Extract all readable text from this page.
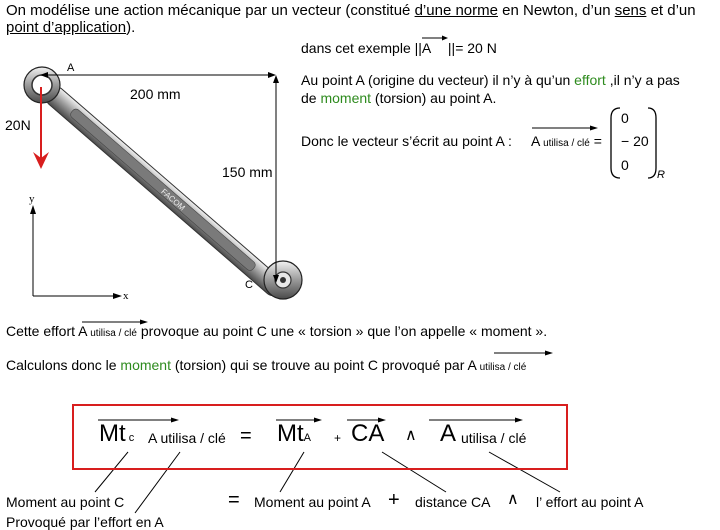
On modélise une action mécanique par un vecteur (constitué d’une norme en Newton, d’un sens et d’un
point d’application).
dans cet exemple ||A ||= 20 N
Au point A (origine du vecteur) il n’y à qu’un effort ,il n’y a pas
de moment (torsion) au point A.
Donc le vecteur s’écrit au point A : A utilisa / clé =
0
− 20
0
R
A
200 mm
150 mm
20N
y
x
C
FACOM
Cette effort A utilisa / clé provoque au point C une « torsion » que l’on appelle « moment ».
Calculons donc le moment (torsion) qui se trouve au point C provoqué par A utilisa / clé
Mt c A utilisa / clé = MtA + CA ∧ A utilisa / clé
Moment au point C
Provoqué par l’effort en A
= Moment au point A + distance CA ∧ l’ effort au point A
